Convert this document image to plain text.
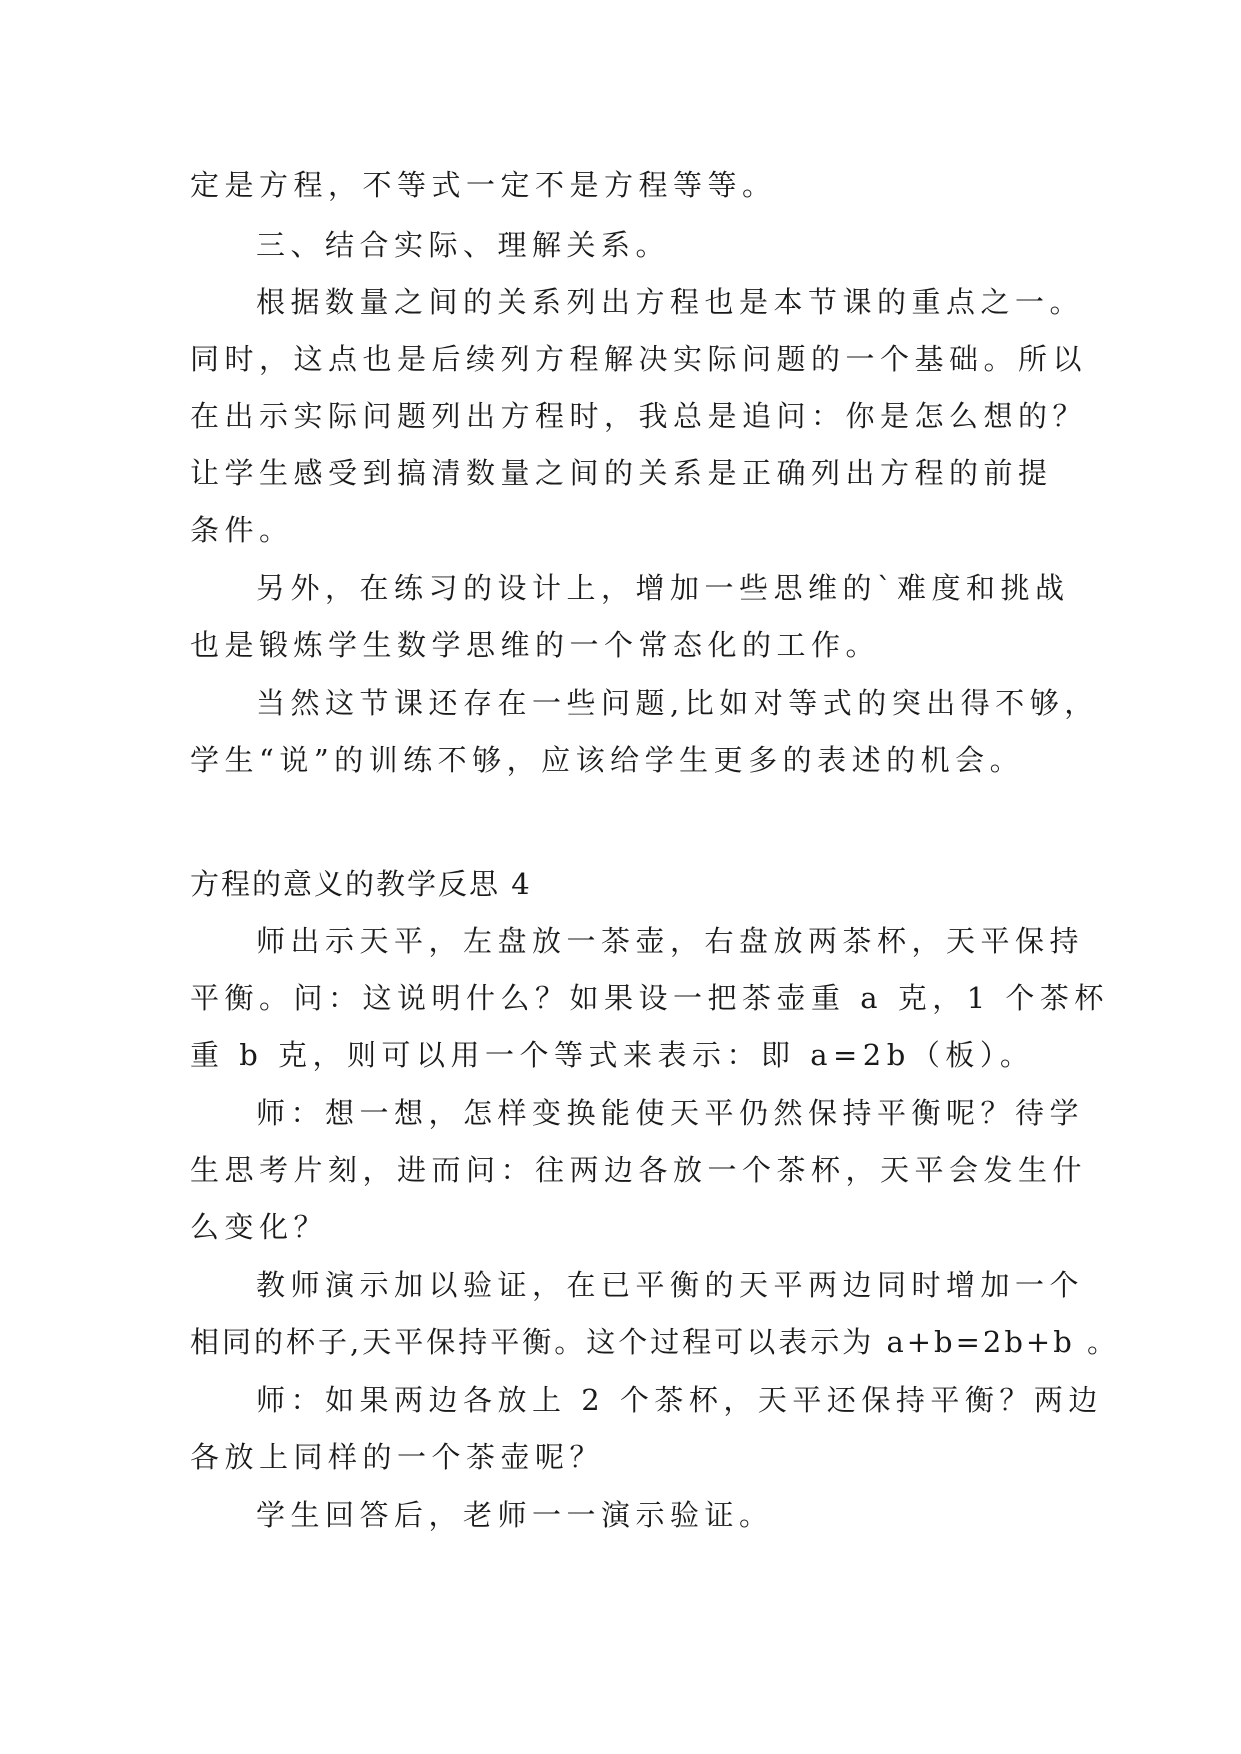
定是方程，不等式一定不是方程等等。
三、结合实际、理解关系。
根据数量之间的关系列出方程也是本节课的重点之一。
同时，这点也是后续列方程解决实际问题的一个基础。所以
在出示实际问题列出方程时，我总是追问：你是怎么想的？
让学生感受到搞清数量之间的关系是正确列出方程的前提
条件。
另外，在练习的设计上，增加一些思维的`难度和挑战
也是锻炼学生数学思维的一个常态化的工作。
当然这节课还存在一些问题,比如对等式的突出得不够，
学生“说”的训练不够，应该给学生更多的表述的机会。
方程的意义的教学反思 4
师出示天平，左盘放一茶壶，右盘放两茶杯，天平保持
平衡。问：这说明什么？如果设一把茶壶重 a 克，1 个茶杯
重 b 克，则可以用一个等式来表示：即 a=2b（板）。
师：想一想，怎样变换能使天平仍然保持平衡呢？待学
生思考片刻，进而问：往两边各放一个茶杯，天平会发生什
么变化？
教师演示加以验证，在已平衡的天平两边同时增加一个
相同的杯子,天平保持平衡。这个过程可以表示为 a+b=2b+b 。
师：如果两边各放上 2 个茶杯，天平还保持平衡？两边
各放上同样的一个茶壶呢？
学生回答后，老师一一演示验证。
